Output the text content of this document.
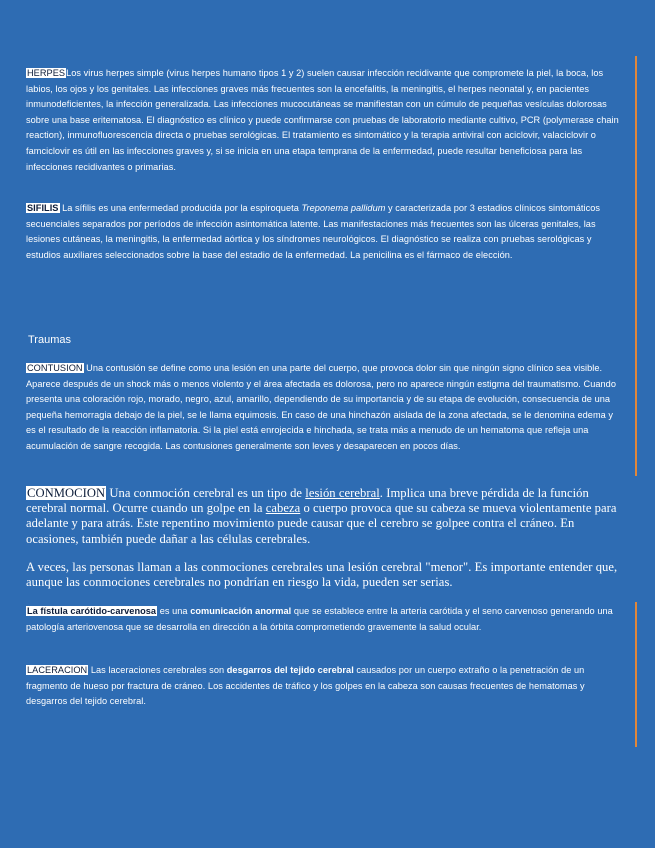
HERPESLos virus herpes simple (virus herpes humano tipos 1 y 2) suelen causar infección recidivante que compromete la piel, la boca, los labios, los ojos y los genitales. Las infecciones graves más frecuentes son la encefalitis, la meningitis, el herpes neonatal y, en pacientes inmunodeficientes, la infección generalizada. Las infecciones mucocutáneas se manifiestan con un cúmulo de pequeñas vesículas dolorosas sobre una base eritematosa. El diagnóstico es clínico y puede confirmarse con pruebas de laboratorio mediante cultivo, PCR (polymerase chain reaction), inmunofluorescencia directa o pruebas serológicas. El tratamiento es sintomático y la terapia antiviral con aciclovir, valaciclovir o famciclovir es útil en las infecciones graves y, si se inicia en una etapa temprana de la enfermedad, puede resultar beneficiosa para las infecciones recidivantes o primarias.

SIFILIS La sífilis es una enfermedad producida por la espiroqueta Treponema pallidum y caracterizada por 3 estadios clínicos sintomáticos secuenciales separados por períodos de infección asintomática latente. Las manifestaciones más frecuentes son las úlceras genitales, las lesiones cutáneas, la meningitis, la enfermedad aórtica y los síndromes neurológicos. El diagnóstico se realiza con pruebas serológicas y estudios auxiliares seleccionados sobre la base del estadio de la enfermedad. La penicilina es el fármaco de elección.

Traumas

CONTUSION Una contusión se define como una lesión en una parte del cuerpo, que provoca dolor sin que ningún signo clínico sea visible. Aparece después de un shock más o menos violento y el área afectada es dolorosa, pero no aparece ningún estigma del traumatismo. Cuando presenta una coloración rojo, morado, negro, azul, amarillo, dependiendo de su importancia y de su etapa de evolución, consecuencia de una pequeña hemorragia debajo de la piel, se le llama equimosis. En caso de una hinchazón aislada de la zona afectada, se le denomina edema y es el resultado de la reacción inflamatoria. Si la piel está enrojecida e hinchada, se trata más a menudo de un hematoma que refleja una acumulación de sangre recogida. Las contusiones generalmente son leves y desaparecen en pocos días.

CONMOCION Una conmoción cerebral es un tipo de lesión cerebral. Implica una breve pérdida de la función cerebral normal. Ocurre cuando un golpe en la cabeza o cuerpo provoca que su cabeza se mueva violentamente para adelante y para atrás. Este repentino movimiento puede causar que el cerebro se golpee contra el cráneo. En ocasiones, también puede dañar a las células cerebrales.

A veces, las personas llaman a las conmociones cerebrales una lesión cerebral "menor". Es importante entender que, aunque las conmociones cerebrales no pondrían en riesgo la vida, pueden ser serias.

La fístula carótido-carvenosa es una comunicación anormal que se establece entre la arteria carótida y el seno carvenoso generando una patología arteriovenosa que se desarrolla en dirección a la órbita comprometiendo gravemente la salud ocular.

LACERACION Las laceraciones cerebrales son desgarros del tejido cerebral causados por un cuerpo extraño o la penetración de un fragmento de hueso por fractura de cráneo. Los accidentes de tráfico y los golpes en la cabeza son causas frecuentes de hematomas y desgarros del tejido cerebral.
